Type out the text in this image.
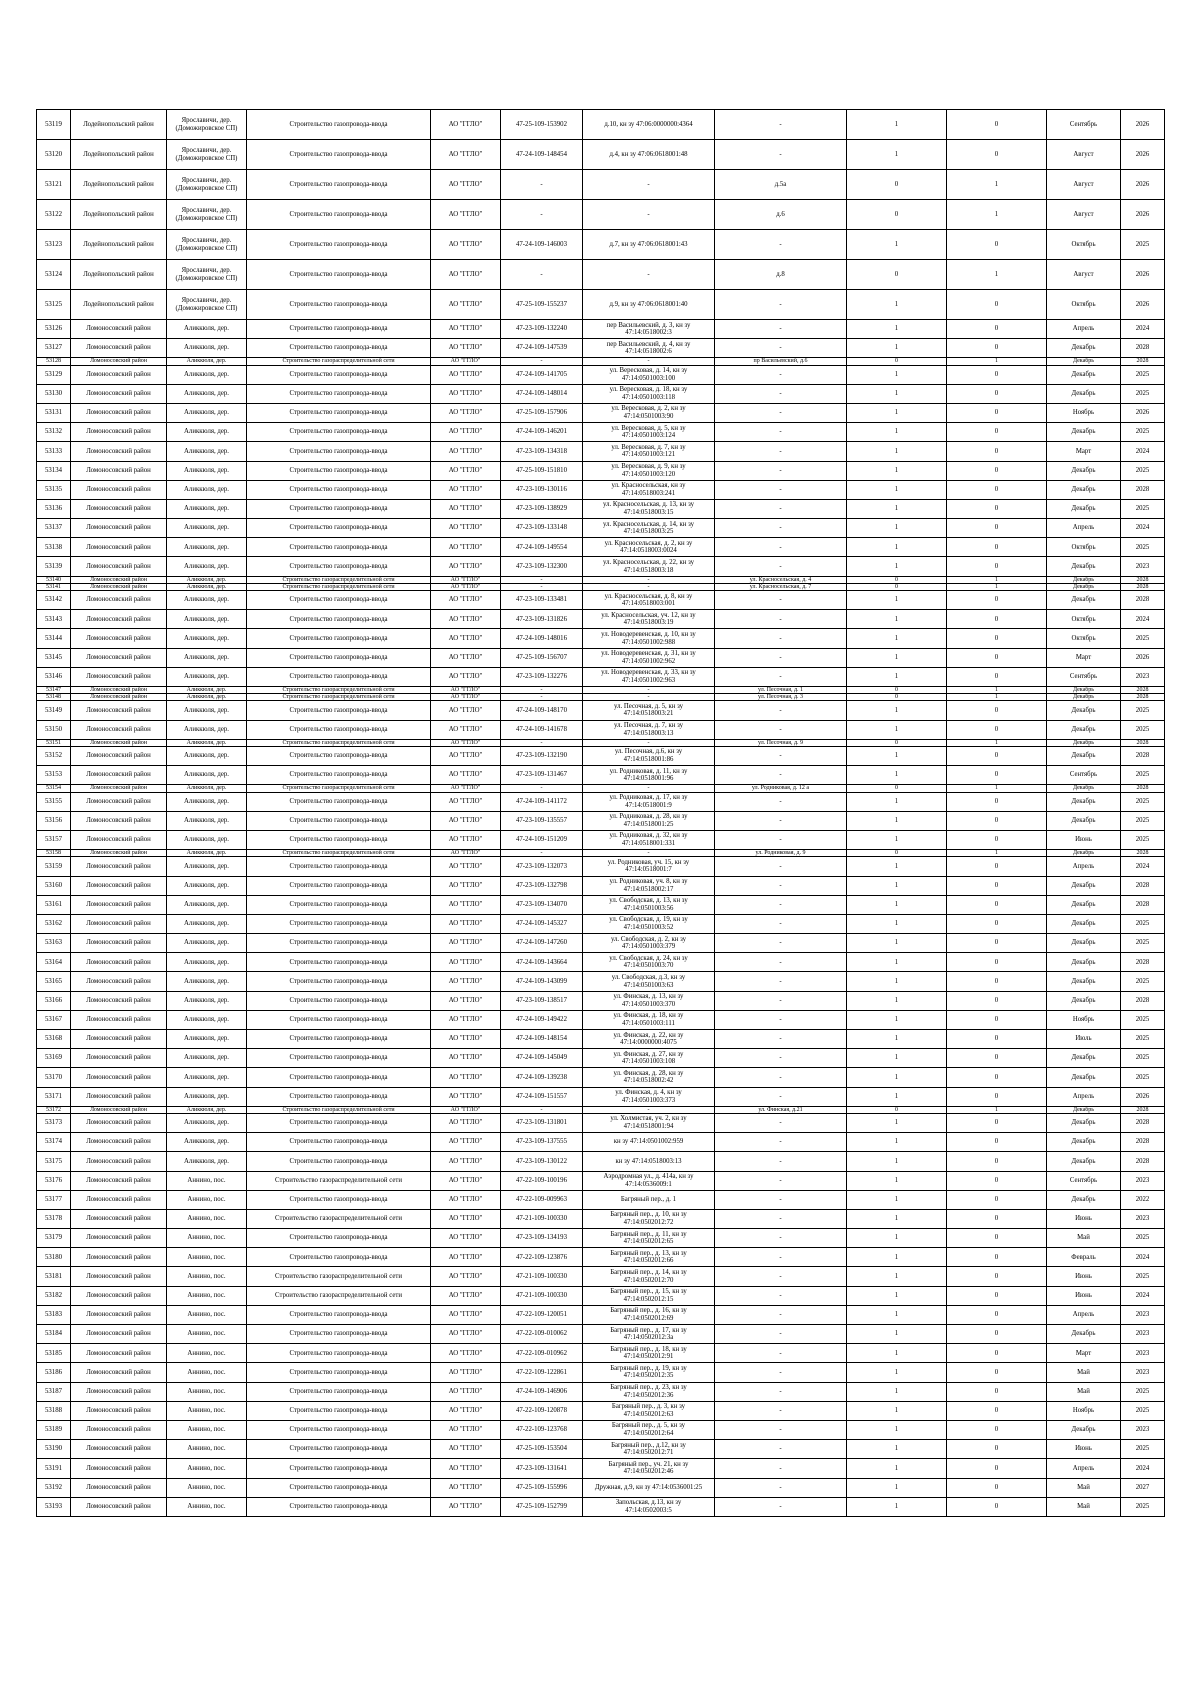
53119	Лодейнопольский район	Ярославичи, дер.
(Доможировское СП)	Строительство газопровода-ввода	АО "ГГЛО"	47-25-109-153902	д.10, кн зу 47:06:0000000:4364	-	1	0	Сентябрь	2026
53120	Лодейнопольский район	Ярославичи, дер.
(Доможировское СП)	Строительство газопровода-ввода	АО "ГГЛО"	47-24-109-148454	д.4, кн зу 47:06:0618001:48	-	1	0	Август	2026
53121	Лодейнопольский район	Ярославичи, дер.
(Доможировское СП)	Строительство газопровода-ввода	АО "ГГЛО"	-	-	д.5а	0	1	Август	2026
53122	Лодейнопольский район	Ярославичи, дер.
(Доможировское СП)	Строительство газопровода-ввода	АО "ГГЛО"	-	-	д.6	0	1	Август	2026
53123	Лодейнопольский район	Ярославичи, дер.
(Доможировское СП)	Строительство газопровода-ввода	АО "ГГЛО"	47-24-109-146003	д.7, кн зу 47:06:0618001:43	-	1	0	Октябрь	2025
53124	Лодейнопольский район	Ярославичи, дер.
(Доможировское СП)	Строительство газопровода-ввода	АО "ГГЛО"	-	-	д.8	0	1	Август	2026
53125	Лодейнопольский район	Ярославичи, дер.
(Доможировское СП)	Строительство газопровода-ввода	АО "ГГЛО"	47-25-109-155237	д.9, кн зу 47:06:0618001:40	-	1	0	Октябрь	2026
53126	Ломоносовский район	Аликкюля, дер.	Строительство газопровода-ввода	АО "ГГЛО"	47-23-109-132240	пер Васильевский, д. 3, кн зу
47:14:0518002:3	-	1	0	Апрель	2024
53127	Ломоносовский район	Аликкюля, дер.	Строительство газопровода-ввода	АО "ГГЛО"	47-24-109-147539	пер Васильевский, д. 4, кн зу
47:14:0518002:6	-	1	0	Декабрь	2028
53128	Ломоносовский район	Аликкюля, дер.	Строительство газораспределительной сети	АО "ГГЛО"	-	-	пр Васильевский, д.6	0	1	Декабрь	2028
53129	Ломоносовский район	Аликкюля, дер.	Строительство газопровода-ввода	АО "ГГЛО"	47-24-109-141705	ул. Вересковая, д. 14, кн зу
47:14:0501003:100	-	1	0	Декабрь	2025
53130	Ломоносовский район	Аликкюля, дер.	Строительство газопровода-ввода	АО "ГГЛО"	47-24-109-148014	ул. Вересковая, д. 18, кн зу
47:14:0501003:118	-	1	0	Декабрь	2025
53131	Ломоносовский район	Аликкюля, дер.	Строительство газопровода-ввода	АО "ГГЛО"	47-25-109-157906	ул. Вересковая, д. 2, кн зу
47:14:0501003:90	-	1	0	Ноябрь	2026
53132	Ломоносовский район	Аликкюля, дер.	Строительство газопровода-ввода	АО "ГГЛО"	47-24-109-146201	ул. Вересковая, д. 5, кн зу
47:14:0501003:124	-	1	0	Декабрь	2025
53133	Ломоносовский район	Аликкюля, дер.	Строительство газопровода-ввода	АО "ГГЛО"	47-23-109-134318	ул. Вересковая, д. 7, кн зу
47:14:0501003:121	-	1	0	Март	2024
53134	Ломоносовский район	Аликкюля, дер.	Строительство газопровода-ввода	АО "ГГЛО"	47-25-109-151810	ул. Вересковая, д. 9, кн зу
47:14:0501003:120	-	1	0	Декабрь	2025
53135	Ломоносовский район	Аликкюля, дер.	Строительство газопровода-ввода	АО "ГГЛО"	47-23-109-130116	ул. Красносельская, кн зу
47:14:0518003:241	-	1	0	Декабрь	2028
53136	Ломоносовский район	Аликкюля, дер.	Строительство газопровода-ввода	АО "ГГЛО"	47-23-109-138929	ул. Красносельская, д. 13, кн зу
47:14:0518003:15	-	1	0	Декабрь	2025
53137	Ломоносовский район	Аликкюля, дер.	Строительство газопровода-ввода	АО "ГГЛО"	47-23-109-133148	ул. Красносельская, д. 14, кн зу
47:14:0518003:25	-	1	0	Апрель	2024
53138	Ломоносовский район	Аликкюля, дер.	Строительство газопровода-ввода	АО "ГГЛО"	47-24-109-149554	ул. Красносельская, д. 2, кн зу
47:14:0518003:0024	-	1	0	Октябрь	2025
53139	Ломоносовский район	Аликкюля, дер.	Строительство газопровода-ввода	АО "ГГЛО"	47-23-109-132300	ул. Красносельская, д. 22, кн зу
47:14:0518003:18	-	1	0	Декабрь	2023
53140	Ломоносовский район	Аликкюля, дер.	Строительство газораспределительной сети	АО "ГГЛО"	-	-	ул. Красносельская, д. 4	0	1	Декабрь	2028
53141	Ломоносовский район	Аликкюля, дер.	Строительство газораспределительной сети	АО "ГГЛО"	-	-	ул. Красносельская, д. 7	0	1	Декабрь	2028
53142	Ломоносовский район	Аликкюля, дер.	Строительство газопровода-ввода	АО "ГГЛО"	47-23-109-133481	ул. Красносельская, д. 8, кн зу
47:14:0518003:001	-	1	0	Декабрь	2028
53143	Ломоносовский район	Аликкюля, дер.	Строительство газопровода-ввода	АО "ГГЛО"	47-23-109-131826	ул. Красносельская, уч. 12, кн зу
47:14:0518003:19	-	1	0	Октябрь	2024
53144	Ломоносовский район	Аликкюля, дер.	Строительство газопровода-ввода	АО "ГГЛО"	47-24-109-148016	ул. Новодеревенская, д. 10, кн зу
47:14:0501002:988	-	1	0	Октябрь	2025
53145	Ломоносовский район	Аликкюля, дер.	Строительство газопровода-ввода	АО "ГГЛО"	47-25-109-156707	ул. Новодеревенская, д. 31, кн зу
47:14:0501002:962	-	1	0	Март	2026
53146	Ломоносовский район	Аликкюля, дер.	Строительство газопровода-ввода	АО "ГГЛО"	47-23-109-132276	ул. Новодеревенская, д. 33, кн зу
47:14:0501002:963	-	1	0	Сентябрь	2023
53147	Ломоносовский район	Аликкюля, дер.	Строительство газораспределительной сети	АО "ГГЛО"	-	-	ул. Песочная, д. 1	0	1	Декабрь	2028
53148	Ломоносовский район	Аликкюля, дер.	Строительство газораспределительной сети	АО "ГГЛО"	-	-	ул. Песочная, д. 3	0	1	Декабрь	2028
53149	Ломоносовский район	Аликкюля, дер.	Строительство газопровода-ввода	АО "ГГЛО"	47-24-109-148170	ул. Песочная, д. 5, кн зу
47:14:0518003:21	-	1	0	Декабрь	2025
53150	Ломоносовский район	Аликкюля, дер.	Строительство газопровода-ввода	АО "ГГЛО"	47-24-109-141678	ул. Песочная, д. 7, кн зу
47:14:0518003:13	-	1	0	Декабрь	2025
53151	Ломоносовский район	Аликкюля, дер.	Строительство газораспределительной сети	АО "ГГЛО"	-	-	ул. Песочная, д. 9	0	1	Декабрь	2028
53152	Ломоносовский район	Аликкюля, дер.	Строительство газопровода-ввода	АО "ГГЛО"	47-23-109-132190	ул. Песочная, д.6, кн зу
47:14:0518001:86	-	1	0	Декабрь	2028
53153	Ломоносовский район	Аликкюля, дер.	Строительство газопровода-ввода	АО "ГГЛО"	47-23-109-131467	ул. Родниковая, д. 11, кн зу
47:14:0518001:96	-	1	0	Сентябрь	2025
53154	Ломоносовский район	Аликкюля, дер.	Строительство газораспределительной сети	АО "ГГЛО"	-	-	ул. Родниковая, д. 12 а	0	1	Декабрь	2028
53155	Ломоносовский район	Аликкюля, дер.	Строительство газопровода-ввода	АО "ГГЛО"	47-24-109-141172	ул. Родниковая, д. 17, кн зу
47:14:0518001:9	-	1	0	Декабрь	2025
53156	Ломоносовский район	Аликкюля, дер.	Строительство газопровода-ввода	АО "ГГЛО"	47-23-109-135557	ул. Родниковая, д. 28, кн зу
47:14:0518001:25	-	1	0	Декабрь	2025
53157	Ломоносовский район	Аликкюля, дер.	Строительство газопровода-ввода	АО "ГГЛО"	47-24-109-151209	ул. Родниковая, д. 32, кн зу
47:14:0518001:331	-	1	0	Июнь	2025
53158	Ломоносовский район	Аликкюля, дер.	Строительство газораспределительной сети	АО "ГГЛО"	-	-	ул. Родниковая, д. 9	0	1	Декабрь	2028
53159	Ломоносовский район	Аликкюля, дер.	Строительство газопровода-ввода	АО "ГГЛО"	47-23-109-132073	ул. Родниковая, уч. 15, кн зу
47:14:0518001:7	-	1	0	Апрель	2024
53160	Ломоносовский район	Аликкюля, дер.	Строительство газопровода-ввода	АО "ГГЛО"	47-23-109-132798	ул. Родниковая, уч. 8, кн зу
47:14:0518002:17	-	1	0	Декабрь	2028
53161	Ломоносовский район	Аликкюля, дер.	Строительство газопровода-ввода	АО "ГГЛО"	47-23-109-134070	ул. Свободская, д. 13, кн зу
47:14:0501003:56	-	1	0	Декабрь	2028
53162	Ломоносовский район	Аликкюля, дер.	Строительство газопровода-ввода	АО "ГГЛО"	47-24-109-145327	ул. Свободская, д. 19, кн зу
47:14:0501003:52	-	1	0	Декабрь	2025
53163	Ломоносовский район	Аликкюля, дер.	Строительство газопровода-ввода	АО "ГГЛО"	47-24-109-147260	ул. Свободская, д. 2, кн зу
47:14:0501003:379	-	1	0	Декабрь	2025
53164	Ломоносовский район	Аликкюля, дер.	Строительство газопровода-ввода	АО "ГГЛО"	47-24-109-143664	ул. Свободская, д. 24, кн зу
47:14:0501003:70	-	1	0	Декабрь	2028
53165	Ломоносовский район	Аликкюля, дер.	Строительство газопровода-ввода	АО "ГГЛО"	47-24-109-143099	ул. Свободская, д.3, кн зу
47:14:0501003:63	-	1	0	Декабрь	2025
53166	Ломоносовский район	Аликкюля, дер.	Строительство газопровода-ввода	АО "ГГЛО"	47-23-109-138517	ул. Финская, д. 13, кн зу
47:14:0501003:370	-	1	0	Декабрь	2028
53167	Ломоносовский район	Аликкюля, дер.	Строительство газопровода-ввода	АО "ГГЛО"	47-24-109-149422	ул. Финская, д. 18, кн зу
47:14:0501003:111	-	1	0	Ноябрь	2025
53168	Ломоносовский район	Аликкюля, дер.	Строительство газопровода-ввода	АО "ГГЛО"	47-24-109-148154	ул. Финская, д. 22, кн зу
47:14:0000000:4075	-	1	0	Июль	2025
53169	Ломоносовский район	Аликкюля, дер.	Строительство газопровода-ввода	АО "ГГЛО"	47-24-109-145049	ул. Финская, д. 27, кн зу
47:14:0501003:108	-	1	0	Декабрь	2025
53170	Ломоносовский район	Аликкюля, дер.	Строительство газопровода-ввода	АО "ГГЛО"	47-24-109-139238	ул. Финская, д. 28, кн зу
47:14:0518002:42	-	1	0	Декабрь	2025
53171	Ломоносовский район	Аликкюля, дер.	Строительство газопровода-ввода	АО "ГГЛО"	47-24-109-151557	ул. Финская, д. 4, кн зу
47:14:0501003:373	-	1	0	Апрель	2026
53172	Ломоносовский район	Аликкюля, дер.	Строительство газораспределительной сети	АО "ГГЛО"	-	-	ул. Финская, д.21	0	1	Декабрь	2028
53173	Ломоносовский район	Аликкюля, дер.	Строительство газопровода-ввода	АО "ГГЛО"	47-23-109-131801	ул. Холмистая, уч. 2, кн зу
47:14:0518001:94	-	1	0	Декабрь	2028
53174	Ломоносовский район	Аликкюля, дер.	Строительство газопровода-ввода	АО "ГГЛО"	47-23-109-137555	кн зу 47:14:0501002:959	-	1	0	Декабрь	2028
53175	Ломоносовский район	Аликкюля, дер.	Строительство газопровода-ввода	АО "ГГЛО"	47-23-109-130122	кн зу 47:14:0518003:13	-	1	0	Декабрь	2028
53176	Ломоносовский район	Аннино, пос.	Строительство газораспределительной сети	АО "ГГЛО"	47-22-109-100196	Аэродромная ул., д. 414а, кн зу
47:14:0536009:1	-	1	0	Сентябрь	2023
53177	Ломоносовский район	Аннино, пос.	Строительство газопровода-ввода	АО "ГГЛО"	47-22-109-009963	Багряный пер., д. 1	-	1	0	Декабрь	2022
53178	Ломоносовский район	Аннино, пос.	Строительство газораспределительной сети	АО "ГГЛО"	47-21-109-100330	Багряный пер., д. 10, кн зу
47:14:0502012:72	-	1	0	Июнь	2023
53179	Ломоносовский район	Аннино, пос.	Строительство газопровода-ввода	АО "ГГЛО"	47-23-109-134193	Багряный пер., д. 11, кн зу
47:14:0502012:65	-	1	0	Май	2025
53180	Ломоносовский район	Аннино, пос.	Строительство газопровода-ввода	АО "ГГЛО"	47-22-109-123876	Багряный пер., д. 13, кн зу
47:14:0502012:66	-	1	0	Февраль	2024
53181	Ломоносовский район	Аннино, пос.	Строительство газораспределительной сети	АО "ГГЛО"	47-21-109-100330	Багряный пер., д. 14, кн зу
47:14:0502012:70	-	1	0	Июнь	2025
53182	Ломоносовский район	Аннино, пос.	Строительство газораспределительной сети	АО "ГГЛО"	47-21-109-100330	Багряный пер., д. 15, кн зу
47:14:0502012:15	-	1	0	Июнь	2024
53183	Ломоносовский район	Аннино, пос.	Строительство газопровода-ввода	АО "ГГЛО"	47-22-109-120051	Багряный пер., д. 16, кн зу
47:14:0502012:69	-	1	0	Апрель	2023
53184	Ломоносовский район	Аннино, пос.	Строительство газопровода-ввода	АО "ГГЛО"	47-22-109-010062	Багряный пер., д. 17, кн зу
47:14:0502012:3a	-	1	0	Декабрь	2023
53185	Ломоносовский район	Аннино, пос.	Строительство газопровода-ввода	АО "ГГЛО"	47-22-109-010962	Багряный пер., д. 18, кн зу
47:14:0502012:91	-	1	0	Март	2023
53186	Ломоносовский район	Аннино, пос.	Строительство газопровода-ввода	АО "ГГЛО"	47-22-109-122861	Багряный пер., д. 19, кн зу
47:14:0502012:35	-	1	0	Май	2023
53187	Ломоносовский район	Аннино, пос.	Строительство газопровода-ввода	АО "ГГЛО"	47-24-109-146906	Багряный пер., д. 23, кн зу
47:14:0502012:36	-	1	0	Май	2025
53188	Ломоносовский район	Аннино, пос.	Строительство газопровода-ввода	АО "ГГЛО"	47-22-109-120878	Багряный пер., д. 3, кн зу
47:14:0502012:63	-	1	0	Ноябрь	2025
53189	Ломоносовский район	Аннино, пос.	Строительство газопровода-ввода	АО "ГГЛО"	47-22-109-123768	Багряный пер., д. 5, кн зу
47:14:0502012:64	-	1	0	Декабрь	2023
53190	Ломоносовский район	Аннино, пос.	Строительство газопровода-ввода	АО "ГГЛО"	47-25-109-153504	Багряный пер., д.12, кн зу
47:14:0502012:71	-	1	0	Июнь	2025
53191	Ломоносовский район	Аннино, пос.	Строительство газопровода-ввода	АО "ГГЛО"	47-23-109-131641	Багряный пер., уч. 21, кн зу
47:14:0502012:46	-	1	0	Апрель	2024
53192	Ломоносовский район	Аннино, пос.	Строительство газопровода-ввода	АО "ГГЛО"	47-25-109-155996	Дружная, д.9, кн зу 47:14:0536001:25	-	1	0	Май	2027
53193	Ломоносовский район	Аннино, пос.	Строительство газопровода-ввода	АО "ГГЛО"	47-25-109-152799	Запольская, д.13, кн зу
47:14:0502003:5	-	1	0	Май	2025
